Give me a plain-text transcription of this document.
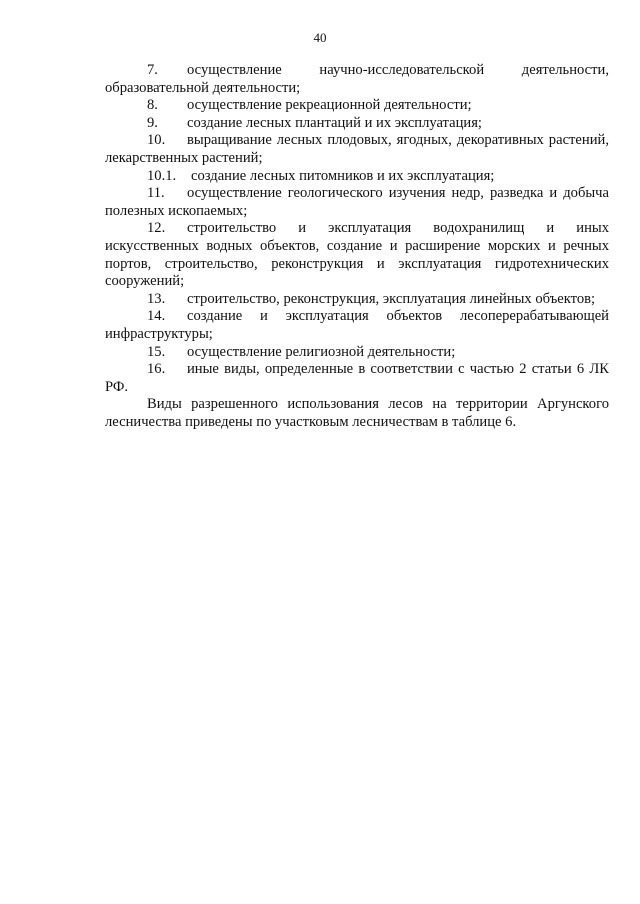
40

7. осуществление научно-исследовательской деятельности, образовательной деятельности;

8. осуществление рекреационной деятельности;

9. создание лесных плантаций и их эксплуатация;

10. выращивание лесных плодовых, ягодных, декоративных растений, лекарственных растений;

10.1. создание лесных питомников и их эксплуатация;

11. осуществление геологического изучения недр, разведка и добыча полезных ископаемых;

12. строительство и эксплуатация водохранилищ и иных искусственных водных объектов, создание и расширение морских и речных портов, строительство, реконструкция и эксплуатация гидротехнических сооружений;

13. строительство, реконструкция, эксплуатация линейных объектов;

14. создание и эксплуатация объектов лесоперерабатывающей инфраструктуры;

15. осуществление религиозной деятельности;

16. иные виды, определенные в соответствии с частью 2 статьи 6 ЛК РФ.

Виды разрешенного использования лесов на территории Аргунского лесничества приведены по участковым лесничествам в таблице 6.
